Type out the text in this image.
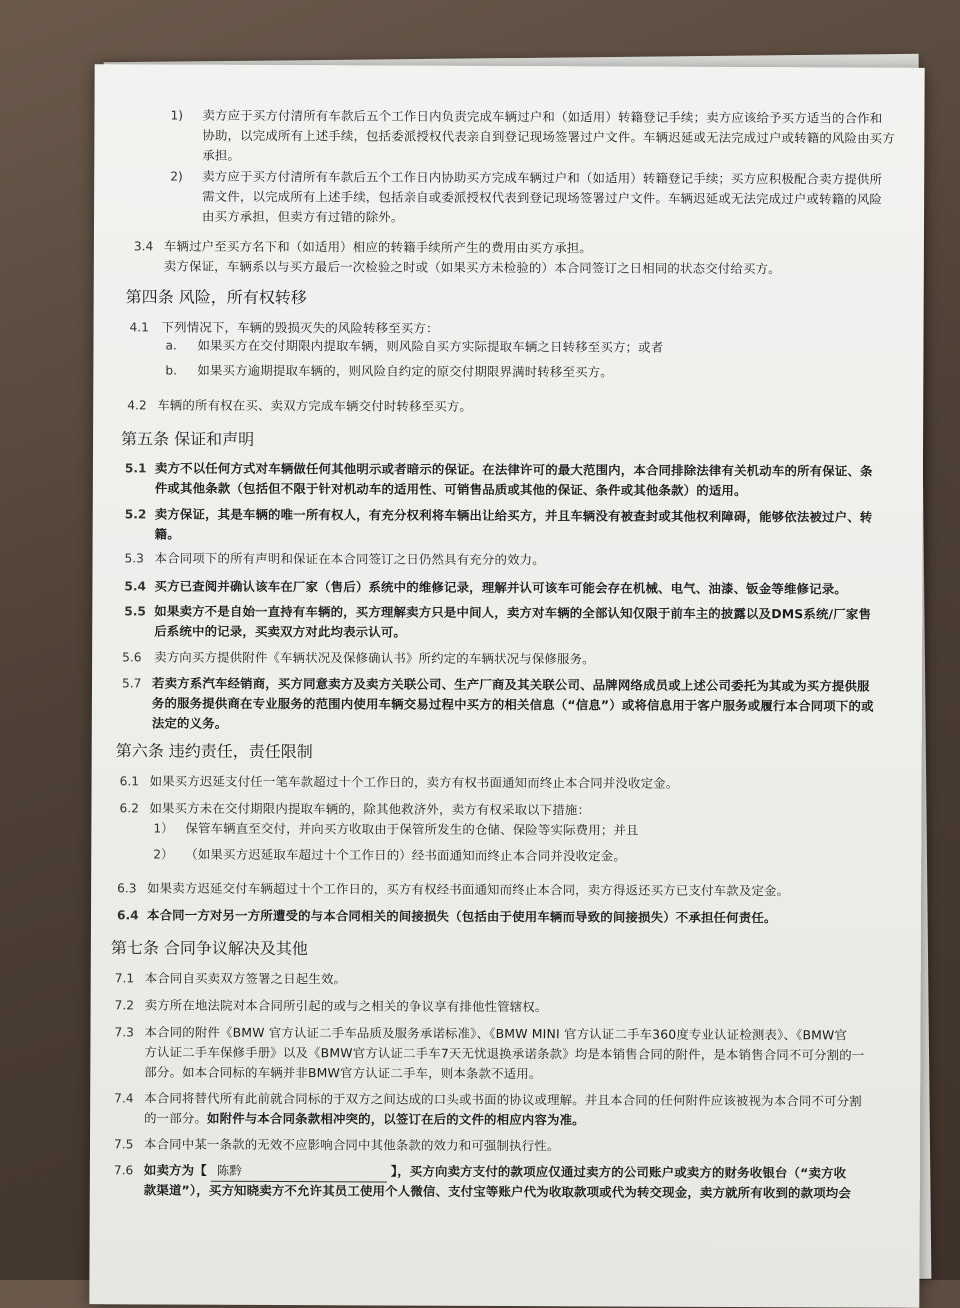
1) 卖方应于买方付清所有车款后五个工作日内负责完成车辆过户和（如适用）转籍登记手续；卖方应该给予买方适当的合作和
协助，以完成所有上述手续，包括委派授权代表亲自到登记现场签署过户文件。车辆迟延或无法完成过户或转籍的风险由买方
承担。
2) 卖方应于买方付清所有车款后五个工作日内协助买方完成车辆过户和（如适用）转籍登记手续；买方应积极配合卖方提供所
需文件，以完成所有上述手续，包括亲自或委派授权代表到登记现场签署过户文件。车辆迟延或无法完成过户或转籍的风险
由买方承担，但卖方有过错的除外。
3.4 车辆过户至买方名下和（如适用）相应的转籍手续所产生的费用由买方承担。
卖方保证，车辆系以与买方最后一次检验之时或（如果买方未检验的）本合同签订之日相同的状态交付给买方。
第四条 风险，所有权转移
4.1 下列情况下，车辆的毁损灭失的风险转移至买方：
a. 如果买方在交付期限内提取车辆，则风险自买方实际提取车辆之日转移至买方；或者
b. 如果买方逾期提取车辆的，则风险自约定的原交付期限界满时转移至买方。
4.2 车辆的所有权在买、卖双方完成车辆交付时转移至买方。
第五条 保证和声明
5.1 卖方不以任何方式对车辆做任何其他明示或者暗示的保证。在法律许可的最大范围内，本合同排除法律有关机动车的所有保证、条
件或其他条款（包括但不限于针对机动车的适用性、可销售品质或其他的保证、条件或其他条款）的适用。
5.2 卖方保证，其是车辆的唯一所有权人，有充分权利将车辆出让给买方，并且车辆没有被查封或其他权利障碍，能够依法被过户、转
籍。
5.3 本合同项下的所有声明和保证在本合同签订之日仍然具有充分的效力。
5.4 买方已查阅并确认该车在厂家（售后）系统中的维修记录，理解并认可该车可能会存在机械、电气、油漆、钣金等维修记录。
5.5 如果卖方不是自始一直持有车辆的，买方理解卖方只是中间人，卖方对车辆的全部认知仅限于前车主的披露以及DMS系统/厂家售
后系统中的记录，买卖双方对此均表示认可。
5.6 卖方向买方提供附件《车辆状况及保修确认书》所约定的车辆状况与保修服务。
5.7 若卖方系汽车经销商，买方同意卖方及卖方关联公司、生产厂商及其关联公司、品牌网络成员或上述公司委托为其或为买方提供服
务的服务提供商在专业服务的范围内使用车辆交易过程中买方的相关信息（“信息”）或将信息用于客户服务或履行本合同项下的或
法定的义务。
第六条 违约责任，责任限制
6.1 如果买方迟延支付任一笔车款超过十个工作日的，卖方有权书面通知而终止本合同并没收定金。
6.2 如果买方未在交付期限内提取车辆的，除其他救济外，卖方有权采取以下措施：
1） 保管车辆直至交付，并向买方收取由于保管所发生的仓储、保险等实际费用；并且
2） （如果买方迟延取车超过十个工作日的）经书面通知而终止本合同并没收定金。
6.3 如果卖方迟延交付车辆超过十个工作日的，买方有权经书面通知而终止本合同，卖方得返还买方已支付车款及定金。
6.4 本合同一方对另一方所遭受的与本合同相关的间接损失（包括由于使用车辆而导致的间接损失）不承担任何责任。
第七条 合同争议解决及其他
7.1 本合同自买卖双方签署之日起生效。
7.2 卖方所在地法院对本合同所引起的或与之相关的争议享有排他性管辖权。
7.3 本合同的附件《BMW 官方认证二手车品质及服务承诺标准》、《BMW MINI 官方认证二手车360度专业认证检测表》、《BMW官
方认证二手车保修手册》以及《BMW官方认证二手车7天无忧退换承诺条款》均是本销售合同的附件，是本销售合同不可分割的一
部分。如本合同标的车辆并非BMW官方认证二手车，则本条款不适用。
7.4 本合同将替代所有此前就合同标的于双方之间达成的口头或书面的协议或理解。并且本合同的任何附件应该被视为本合同不可分割
的一部分。如附件与本合同条款相冲突的，以签订在后的文件的相应内容为准。
7.5 本合同中某一条款的无效不应影响合同中其他条款的效力和可强制执行性。
7.6 如卖方为【 陈黔	】，买方向卖方支付的款项应仅通过卖方的公司账户或卖方的财务收银台（“卖方收
款渠道”），买方知晓卖方不允许其员工使用个人微信、支付宝等账户代为收取款项或代为转交现金，卖方就所有收到的款项均会
